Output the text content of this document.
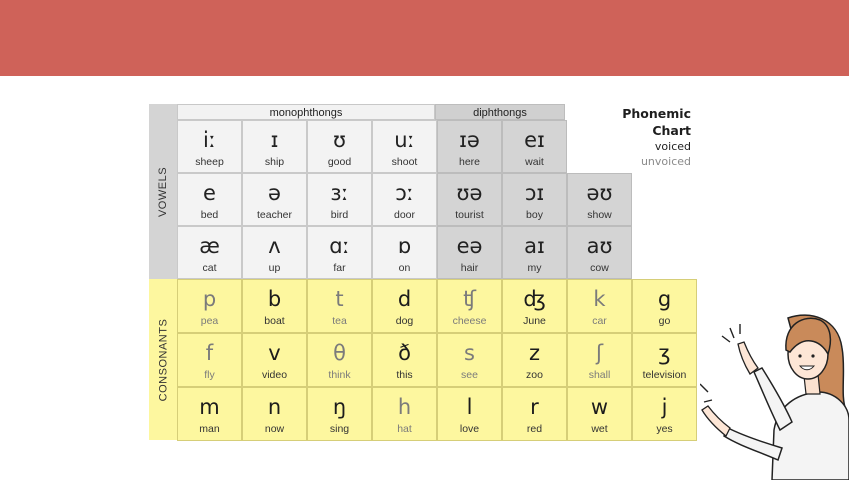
VOWELS
CONSONANTS
monophthongs	diphthongs
iː
sheep
ɪ
ship
ʊ
good
uː
shoot
ɪə
here
eɪ
wait
e
bed
ə
teacher
ɜː
bird
ɔː
door
ʊə
tourist
ɔɪ
boy
əʊ
show
æ
cat
ʌ
up
ɑː
far
ɒ
on
eə
hair
aɪ
my
aʊ
cow
p
pea
b
boat
t
tea
d
dog
ʧ
cheese
ʤ
June
k
car
g
go
f
fly
v
video
θ
think
ð
this
s
see
z
zoo
ʃ
shall
ʒ
television
m
man
n
now
ŋ
sing
h
hat
l
love
r
red
w
wet
j
yes
Phonemic
Chart
voiced
unvoiced
